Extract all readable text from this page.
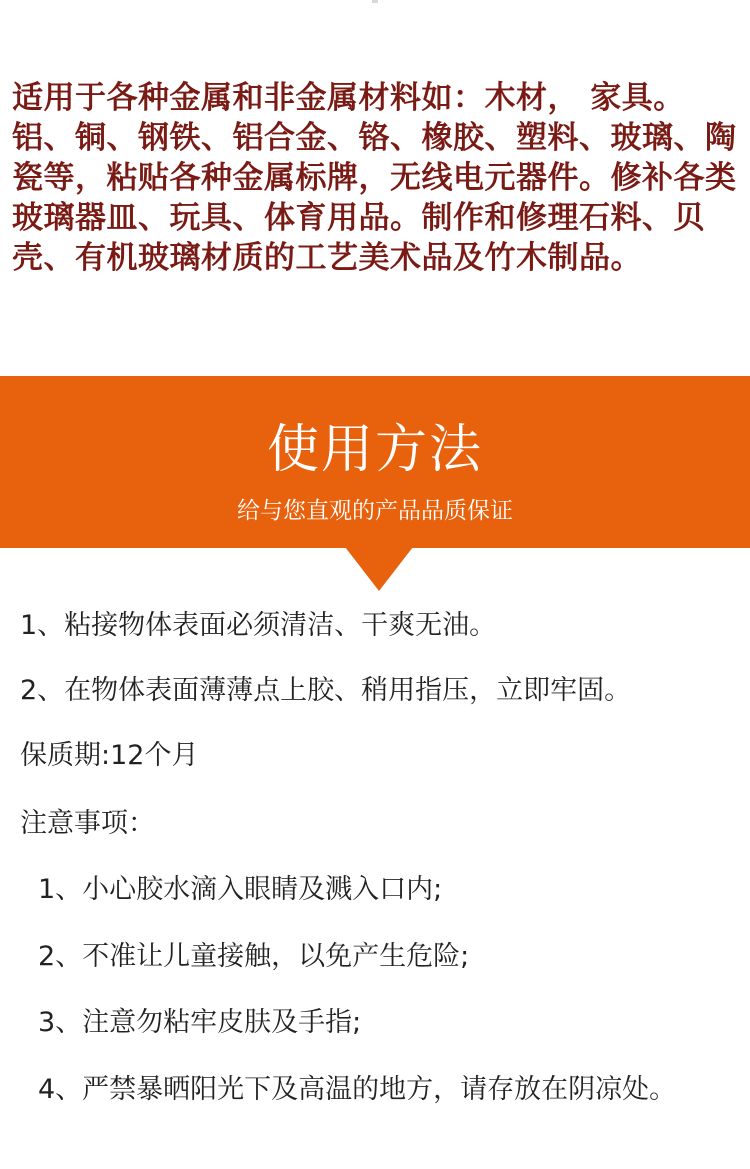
适用于各种金属和非金属材料如：木材， 家具。铝、铜、钢铁、铝合金、铬、橡胶、塑料、玻璃、陶瓷等，粘贴各种金属标牌，无线电元器件。修补各类玻璃器皿、玩具、体育用品。制作和修理石料、贝壳、有机玻璃材质的工艺美术品及竹木制品。
使用方法
给与您直观的产品品质保证
1、粘接物体表面必须清洁、干爽无油。
2、在物体表面薄薄点上胶、稍用指压，立即牢固。
保质期:12个月
注意事项：
1、小心胶水滴入眼睛及溅入口内;
2、不准让儿童接触，以免产生危险;
3、注意勿粘牢皮肤及手指;
4、严禁暴晒阳光下及高温的地方，请存放在阴凉处。
